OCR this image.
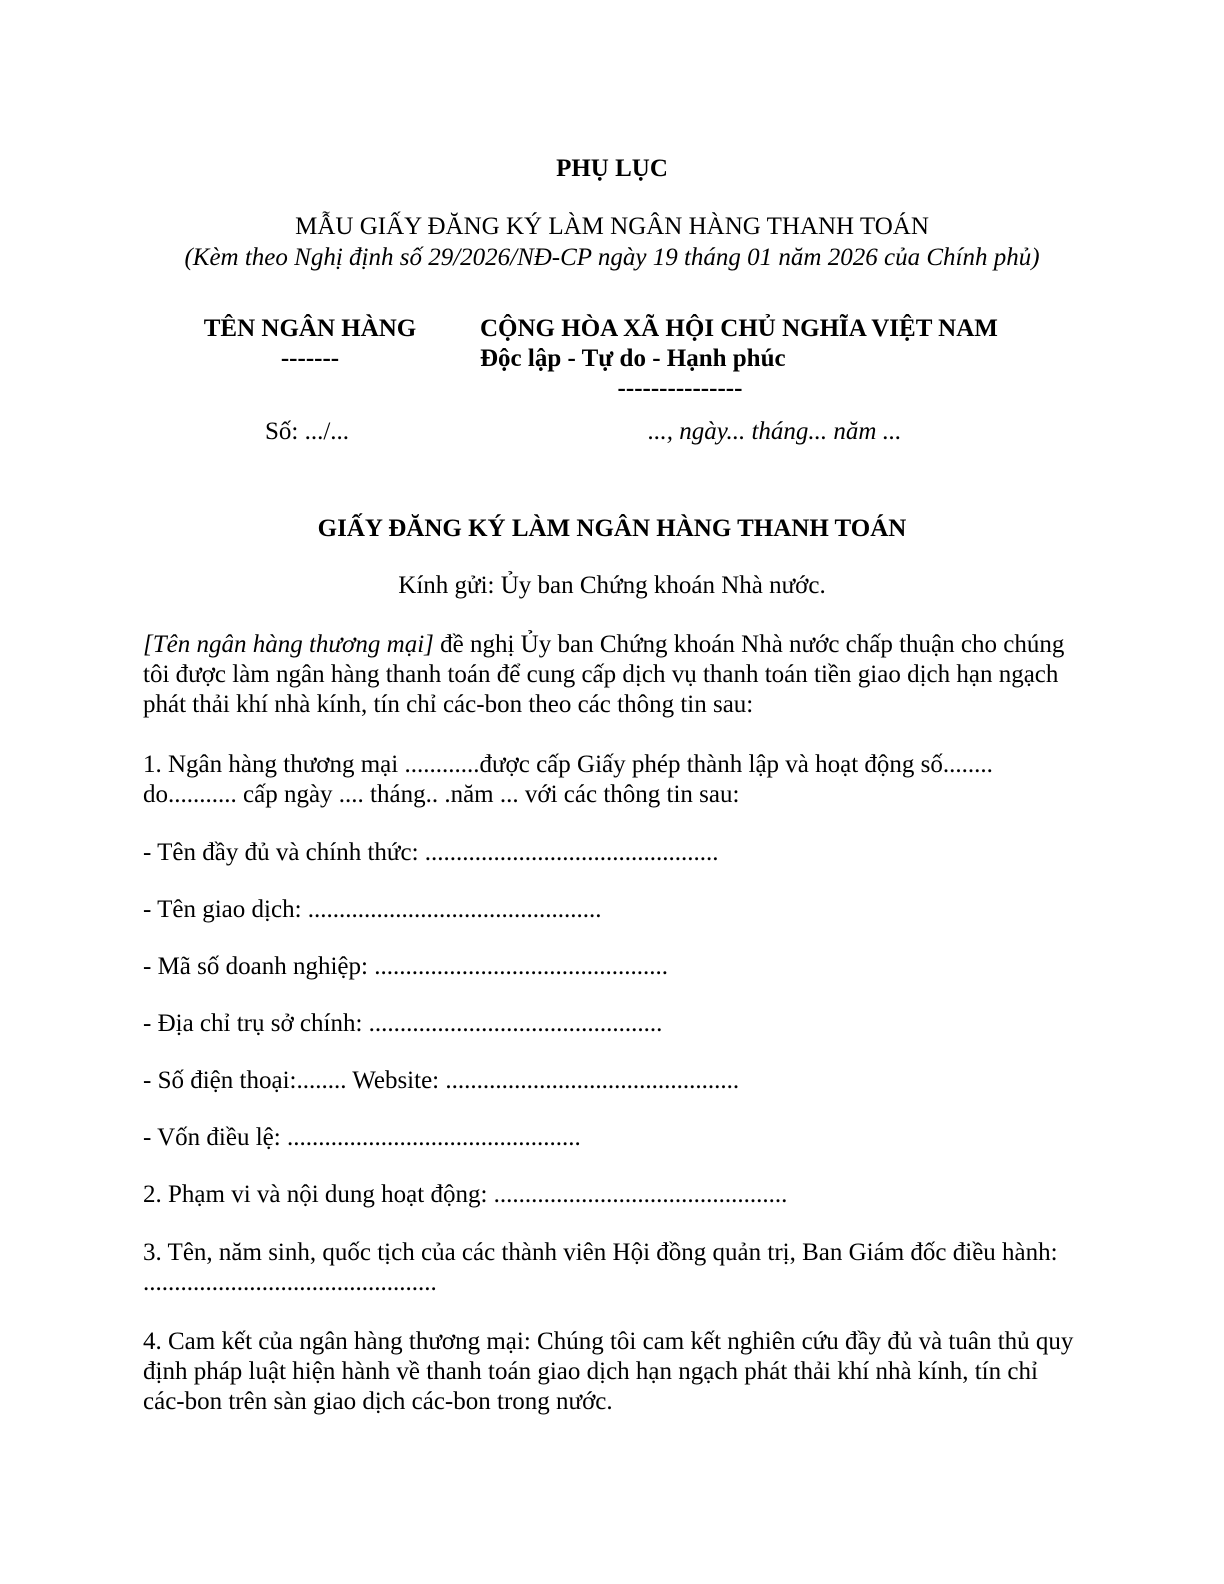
PHỤ LỤC
MẪU GIẤY ĐĂNG KÝ LÀM NGÂN HÀNG THANH TOÁN
(Kèm theo Nghị định số 29/2026/NĐ-CP ngày 19 tháng 01 năm 2026 của Chính phủ)
TÊN NGÂN HÀNG
-------
CỘNG HÒA XÃ HỘI CHỦ NGHĨA VIỆT NAM
Độc lập - Tự do - Hạnh phúc
---------------
Số: .../...	..., ngày... tháng... năm ...
GIẤY ĐĂNG KÝ LÀM NGÂN HÀNG THANH TOÁN
Kính gửi: Ủy ban Chứng khoán Nhà nước.
[Tên ngân hàng thương mại] đề nghị Ủy ban Chứng khoán Nhà nước chấp thuận cho chúng tôi được làm ngân hàng thanh toán để cung cấp dịch vụ thanh toán tiền giao dịch hạn ngạch phát thải khí nhà kính, tín chỉ các-bon theo các thông tin sau:
1. Ngân hàng thương mại ............được cấp Giấy phép thành lập và hoạt động số........ do........... cấp ngày .... tháng.. .năm ... với các thông tin sau:
- Tên đầy đủ và chính thức: ...............................................
- Tên giao dịch: ...............................................
- Mã số doanh nghiệp: ...............................................
- Địa chỉ trụ sở chính: ...............................................
- Số điện thoại:........ Website: ...............................................
- Vốn điều lệ: ...............................................
2. Phạm vi và nội dung hoạt động: ...............................................
3. Tên, năm sinh, quốc tịch của các thành viên Hội đồng quản trị, Ban Giám đốc điều hành: ...............................................
4. Cam kết của ngân hàng thương mại: Chúng tôi cam kết nghiên cứu đầy đủ và tuân thủ quy định pháp luật hiện hành về thanh toán giao dịch hạn ngạch phát thải khí nhà kính, tín chỉ các-bon trên sàn giao dịch các-bon trong nước.
